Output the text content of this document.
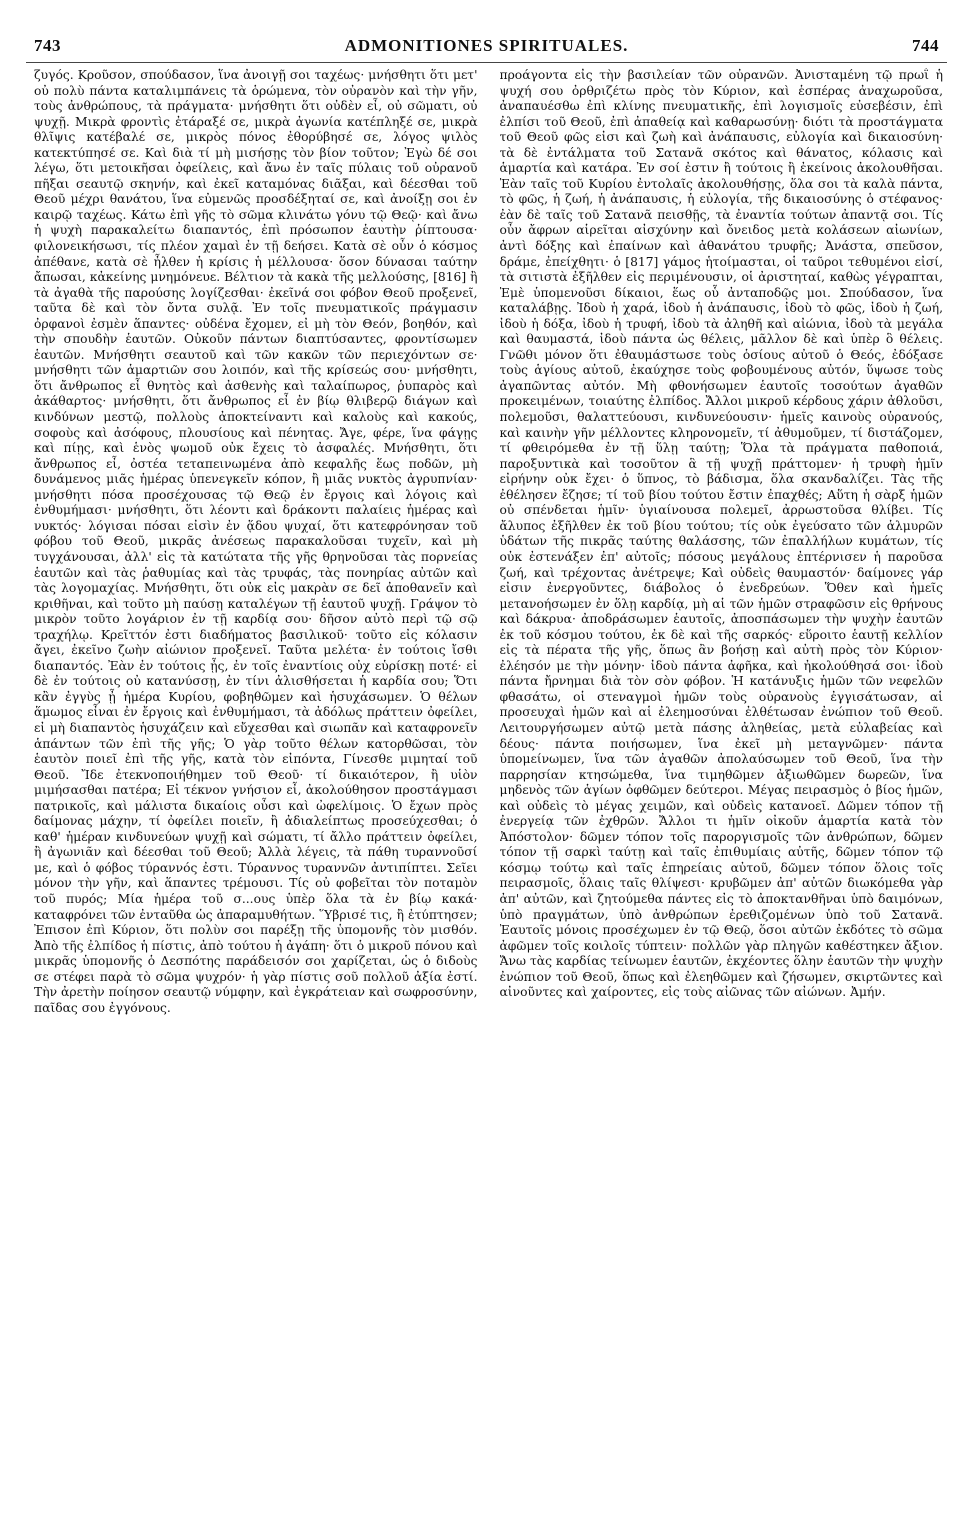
743	ADMONITIONES SPIRITUALES.	744

ζυγός. Κροῦσον, σπούδασον, ἵνα ἀνοιγῇ σοι ταχέως· μνήσθητι ὅτι μετ' οὐ πολὺ πάντα καταλιμπάνεις τὰ ὁρώμενα, τὸν οὐρανὸν καὶ τὴν γῆν, τοὺς ἀνθρώπους, τὰ πράγματα· μνήσθητι ὅτι οὐδὲν εἶ, οὐ σῶματι, οὐ ψυχῇ. Μικρὰ φροντὶς ἐτάραξέ σε, μικρὰ ἀγωνία κατέπληξέ σε, μικρὰ θλῖψις κατέβαλέ σε, μικρὸς πόνος ἐθορύβησέ σε, λόγος ψιλὸς κατεκτύπησέ σε. Καὶ διὰ τί μὴ μισήσῃς τὸν βίον τοῦτον; Ἐγὼ δέ σοι λέγω, ὅτι μετοικῆσαι ὀφείλεις, καὶ ἄνω ἐν ταῖς πύλαις τοῦ οὐρανοῦ πῆξαι σεαυτῷ σκηνήν, καὶ ἐκεῖ καταμόνας διᾶξαι, καὶ δέεσθαι τοῦ Θεοῦ μέχρι θανάτου, ἵνα εὐμενῶς προσδέξηταί σε, καὶ ἀνοίξῃ σοι ἐν καιρῷ ταχέως. Κάτω ἐπὶ γῆς τὸ σῶμα κλινάτω γόνυ τῷ Θεῷ· καὶ ἄνω ἡ ψυχὴ παρακαλείτω διαπαντός, ἐπὶ πρόσωπον ἑαυτὴν ῥίπτουσα· φιλονεικήσωσι, τίς πλέον χαμαὶ ἐν τῇ δεήσει. Κατὰ σὲ οὖν ὁ κόσμος ἀπέθανε, κατὰ σὲ ἦλθεν ἡ κρίσις ἡ μέλλουσα· ὅσον δύνασαι ταύτην ἄπωσαι, κἀκείνης μνημόνευε. Βέλτιον τὰ κακὰ τῆς μελλούσης, [816] ἢ τὰ ἀγαθὰ τῆς παρούσης λογίζεσθαι· ἐκεῖνά σοι φόβον Θεοῦ προξενεῖ, ταῦτα δὲ καὶ τὸν ὄντα συλᾷ. Ἐν τοῖς πνευματικοῖς πράγμασιν ὀρφανοὶ ἐσμὲν ἅπαντες· οὐδένα ἔχομεν, εἰ μὴ τὸν Θεόν, βοηθόν, καὶ τὴν σπουδὴν ἑαυτῶν. Οὐκοῦν πάντων διαπτύσαντες, φροντίσωμεν ἑαυτῶν. Μνήσθητι σεαυτοῦ καὶ τῶν κακῶν τῶν περιεχόντων σε· μνήσθητι τῶν ἁμαρτιῶν σου λοιπόν, καὶ τῆς κρίσεώς σου· μνήσθητι, ὅτι ἄνθρωπος εἶ θνητὸς καὶ ἀσθενὴς καὶ ταλαίπωρος, ῥυπαρὸς καὶ ἀκάθαρτος· μνήσθητι, ὅτι ἄνθρωπος εἶ ἐν βίῳ θλιβερῷ διάγων καὶ κινδύνων μεστῷ, πολλοὺς ἀποκτείναντι καὶ καλοὺς καὶ κακούς, σοφοὺς καὶ ἀσόφους, πλουσίους καὶ πένητας. Ἄγε, φέρε, ἵνα φάγῃς καὶ πίῃς, καὶ ἑνὸς ψωμοῦ οὐκ ἔχεις τὸ ἀσφαλές. Μνήσθητι, ὅτι ἄνθρωπος εἶ, ὀστέα τεταπεινωμένα ἀπὸ κεφαλῆς ἕως ποδῶν, μὴ δυνάμενος μιᾶς ἡμέρας ὑπενεγκεῖν κόπον, ἢ μιᾶς νυκτὸς ἀγρυπνίαν· μνήσθητι πόσα προσέχουσας τῷ Θεῷ ἐν ἔργοις καὶ λόγοις καὶ ἐνθυμήμασι· μνήσθητι, ὅτι λέοντι καὶ δράκοντι παλαίεις ἡμέρας καὶ νυκτός· λόγισαι πόσαι εἰσὶν ἐν ᾅδου ψυχαί, ὅτι κατεφρόνησαν τοῦ φόβου τοῦ Θεοῦ, μικρᾶς ἀνέσεως παρακαλοῦσαι τυχεῖν, καὶ μὴ τυγχάνουσαι, ἀλλ' εἰς τὰ κατώτατα τῆς γῆς θρηνοῦσαι τὰς πορνείας ἑαυτῶν καὶ τὰς ῥαθυμίας καὶ τὰς τρυφάς, τὰς πονηρίας αὐτῶν καὶ τὰς λογομαχίας. Μνήσθητι, ὅτι οὐκ εἰς μακρὰν σε δεῖ ἀποθανεῖν καὶ κριθῆναι, καὶ τοῦτο μὴ παύσῃ καταλέγων τῇ ἑαυτοῦ ψυχῇ. Γράψον τὸ μικρὸν τοῦτο λογάριον ἐν τῇ καρδίᾳ σου· δῆσον αὐτὸ περὶ τῷ σῷ τραχήλῳ. Κρεῖττόν ἐστι διαδήματος βασιλικοῦ· τοῦτο εἰς κόλασιν ἄγει, ἐκεῖνο ζωὴν αἰώνιον προξενεῖ. Ταῦτα μελέτα· ἐν τούτοις ἴσθι διαπαντός. Ἐὰν ἐν τούτοις ᾖς, ἐν τοῖς ἐναντίοις οὐχ εὑρίσκῃ ποτέ· εἰ δὲ ἐν τούτοις οὐ κατανύσσῃ, ἐν τίνι ἀλισθήσεται ἡ καρδία σου; Ὅτι κἂν ἐγγὺς ᾖ ἡμέρα Κυρίου, φοβηθῶμεν καὶ ἡσυχάσωμεν. Ὁ θέλων ἅμωμος εἶναι ἐν ἔργοις καὶ ἐνθυμήμασι, τὰ ἀδόλως πράττειν ὀφείλει, εἰ μὴ διαπαντὸς ἡσυχάζειν καὶ εὔχεσθαι καὶ σιωπᾶν καὶ καταφρονεῖν ἁπάντων τῶν ἐπὶ τῆς γῆς; Ὁ γὰρ τοῦτο θέλων κατορθῶσαι, τὸν ἑαυτὸν ποιεῖ ἐπὶ τῆς γῆς, κατὰ τὸν εἰπόντα, Γίνεσθε μιμηταί τοῦ Θεοῦ. Ἴδε ἐτεκνοποιήθημεν τοῦ Θεοῦ· τί δικαιότερον, ἢ υἱὸν μιμήσασθαι πατέρα; Εἰ τέκνον γνήσιον εἶ, ἀκολούθησον προστάγμασι πατρικοῖς, καὶ μάλιστα δικαίοις οὖσι καὶ ὠφελίμοις. Ὁ ἔχων πρὸς δαίμονας μάχην, τί ὀφείλει ποιεῖν, ἢ ἀδιαλείπτως προσεύχεσθαι; ὁ καθ' ἡμέραν κινδυνεύων ψυχῇ καὶ σώματι, τί ἄλλο πράττειν ὀφείλει, ἢ ἀγωνιᾶν καὶ δέεσθαι τοῦ Θεοῦ; Ἀλλὰ λέγεις, τὰ πάθη τυραννοῦσί με, καὶ ὁ φόβος τύραννός ἐστι. Τύραννος τυραννῶν ἀντιπίπτει. Σεῖει μόνον τὴν γῆν, καὶ ἅπαντες τρέμουσι. Τίς οὐ φοβεῖται τὸν ποταμὸν τοῦ πυρός; Μία ἡμέρα τοῦ σ...ους ὑπὲρ ὅλα τὰ ἐν βίῳ κακά· καταφρόνει τῶν ἐνταῦθα ὡς ἀπαραμυθήτων. Ὕβρισέ τις, ἢ ἐτύπτησεν; Ἐπισον ἐπὶ Κύριον, ὅτι πολὺν σοι παρέξῃ τῆς ὑπομονῆς τὸν μισθόν. Ἀπὸ τῆς ἐλπίδος ἡ πίστις, ἀπὸ τούτου ἡ ἀγάπη· ὅτι ὁ μικροῦ πόνου καὶ μικρᾶς ὑπομονῆς ὁ Δεσπότης παράδεισόν σοι χαρίζεται, ὡς ὁ διδοὺς σε στέφει παρὰ τὸ σῶμα ψυχρόν· ἡ γὰρ πίστις σοῦ πολλοῦ ἀξία ἐστί. Τὴν ἀρετὴν ποίησον σεαυτῷ νύμφην, καὶ ἐγκράτειαν καὶ σωφροσύνην, παῖδας σου ἐγγόνους.

προάγοντα εἰς τὴν βασιλείαν τῶν οὐρανῶν. Ἀνισταμένη τῷ πρωῒ ἡ ψυχή σου ὀρθριζέτω πρὸς τὸν Κύριον, καὶ ἑσπέρας ἀναχωροῦσα, ἀναπαυέσθω ἐπὶ κλίνης πνευματικῆς, ἐπὶ λογισμοῖς εὐσεβέσιν, ἐπὶ ἐλπίσι τοῦ Θεοῦ, ἐπὶ ἀπαθείᾳ καὶ καθαρωσύνῃ· διότι τὰ προστάγματα τοῦ Θεοῦ φῶς εἰσι καὶ ζωὴ καὶ ἀνάπαυσις, εὐλογία καὶ δικαιοσύνη· τὰ δὲ ἐντάλματα τοῦ Σατανᾶ σκότος καὶ θάνατος, κόλασις καὶ ἁμαρτία καὶ κατάρα. Ἐν σοί ἐστιν ἢ τούτοις ἢ ἐκείνοις ἀκολουθῆσαι. Ἐὰν ταῖς τοῦ Κυρίου ἐντολαῖς ἀκολουθήσῃς, ὅλα σοι τὰ καλὰ πάντα, τὸ φῶς, ἡ ζωή, ἡ ἀνάπαυσις, ἡ εὐλογία, τῆς δικαιοσύνης ὁ στέφανος· ἐὰν δὲ ταῖς τοῦ Σατανᾶ πεισθῇς, τὰ ἐναντία τούτων ἀπαντᾷ σοι. Τίς οὖν ἄφρων αἱρεῖται αἰσχύνην καὶ ὄνειδος μετὰ κολάσεων αἰωνίων, ἀντὶ δόξης καὶ ἐπαίνων καὶ ἀθανάτου τρυφῆς; Ἀνάστα, σπεῦσον, δράμε, ἐπείχθητι· ὁ [817] γάμος ἡτοίμασται, οἱ ταῦροι τεθυμένοι εἰσί, τὰ σιτιστὰ ἐξῆλθεν εἰς περιμένουσιν, οἱ ἀριστηταί, καθὼς γέγραπται, Ἐμὲ ὑπομενοῦσι δίκαιοι, ἕως οὗ ἀνταποδῷς μοι. Σπούδασον, ἵνα καταλάβῃς. Ἰδοὺ ἡ χαρά, ἰδοὺ ἡ ἀνάπαυσις, ἰδοὺ τὸ φῶς, ἰδοὺ ἡ ζωή, ἰδοὺ ἡ δόξα, ἰδοὺ ἡ τρυφή, ἰδοὺ τὰ ἀληθῆ καὶ αἰώνια, ἰδοὺ τὰ μεγάλα καὶ θαυμαστά, ἰδοὺ πάντα ὡς θέλεις, μᾶλλον δὲ καὶ ὑπὲρ ὃ θέλεις. Γνῶθι μόνον ὅτι ἐθαυμάστωσε τοὺς ὁσίους αὐτοῦ ὁ Θεός, ἐδόξασε τοὺς ἁγίους αὐτοῦ, ἐκαύχησε τοὺς φοβουμένους αὐτόν, ὕψωσε τοὺς ἀγαπῶντας αὐτόν. Μὴ φθονήσωμεν ἑαυτοῖς τοσούτων ἀγαθῶν προκειμένων, τοιαύτης ἐλπίδος. Ἄλλοι μικροῦ κέρδους χάριν ἀθλοῦσι, πολεμοῦσι, θαλαττεύουσι, κινδυνεύουσιν· ἡμεῖς καινοὺς οὐρανούς, καὶ καινὴν γῆν μέλλοντες κληρονομεῖν, τί ἀθυμοῦμεν, τί διστάζομεν, τί φθειρόμεθα ἐν τῇ ὕλῃ ταύτῃ; Ὅλα τὰ πράγματα παθοποιά, παροξυντικὰ καὶ τοσοῦτον ἃ τῇ ψυχῇ πράττομεν· ἡ τρυφὴ ἡμῖν εἰρήνην οὐκ ἔχει· ὁ ὕπνος, τὸ βάδισμα, ὅλα σκανδαλίζει. Τὰς τῆς ἐθέλησεν ἔζησε; τί τοῦ βίου τούτου ἔστιν ἐπαχθές; Αὕτη ἡ σὰρξ ἡμῶν οὐ σπένδεται ἡμῖν· ὑγιαίνουσα πολεμεῖ, ἀρρωστοῦσα θλίβει. Τίς ἄλυπος ἐξῆλθεν ἐκ τοῦ βίου τούτου; τίς οὐκ ἐγεύσατο τῶν ἁλμυρῶν ὑδάτων τῆς πικρᾶς ταύτης θαλάσσης, τῶν ἐπαλλήλων κυμάτων, τίς οὐκ ἐστενάξεν ἐπ' αὐτοῖς; πόσους μεγάλους ἐπτέρνισεν ἡ παροῦσα ζωή, καὶ τρέχοντας ἀνέτρεψε; Καὶ οὐδεὶς θαυμαστόν· δαίμονες γάρ εἰσιν ἐνεργοῦντες, διάβολος ὁ ἐνεδρεύων. Ὅθεν καὶ ἡμεῖς μετανοήσωμεν ἐν ὅλῃ καρδίᾳ, μὴ αἱ τῶν ἡμῶν στραφῶσιν εἰς θρήνους καὶ δάκρυα· ἀποδράσωμεν ἑαυτοῖς, ἀποσπάσωμεν τὴν ψυχὴν ἑαυτῶν ἐκ τοῦ κόσμου τούτου, ἐκ δὲ καὶ τῆς σαρκός· εὕροιτο ἑαυτῇ κελλίον εἰς τὰ πέρατα τῆς γῆς, ὅπως ἂν βοήσῃ καὶ αὐτὴ πρὸς τὸν Κύριον· ἐλέησόν με τὴν μόνην· ἰδοὺ πάντα ἀφῆκα, καὶ ἠκολούθησά σοι· ἰδοὺ πάντα ἤρνημαι διὰ τὸν σὸν φόβον. Ἡ κατάνυξις ἡμῶν τῶν νεφελῶν φθασάτω, οἱ στεναγμοὶ ἡμῶν τοὺς οὐρανοὺς ἐγγισάτωσαν, αἱ προσευχαὶ ἡμῶν καὶ αἱ ἐλεημοσύναι ἐλθέτωσαν ἐνώπιον τοῦ Θεοῦ. Λειτουργήσωμεν αὐτῷ μετὰ πάσης ἀληθείας, μετὰ εὐλαβείας καὶ δέους· πάντα ποιήσωμεν, ἵνα ἐκεῖ μὴ μεταγνῶμεν· πάντα ὑπομείνωμεν, ἵνα τῶν ἀγαθῶν ἀπολαύσωμεν τοῦ Θεοῦ, ἵνα τὴν παρρησίαν κτησώμεθα, ἵνα τιμηθῶμεν ἀξιωθῶμεν δωρεῶν, ἵνα μηδενὸς τῶν ἁγίων ὀφθῶμεν δεύτεροι. Μέγας πειρασμὸς ὁ βίος ἡμῶν, καὶ οὐδεὶς τὸ μέγας χειμῶν, καὶ οὐδεὶς κατανοεῖ. Δῶμεν τόπον τῇ ἐνεργείᾳ τῶν ἐχθρῶν. Ἄλλοι τι ἡμῖν οἰκοῦν ἁμαρτία κατὰ τὸν Ἀπόστολον· δῶμεν τόπον τοῖς παροργισμοῖς τῶν ἀνθρώπων, δῶμεν τόπον τῇ σαρκὶ ταύτῃ καὶ ταῖς ἐπιθυμίαις αὐτῆς, δῶμεν τόπον τῷ κόσμῳ τούτῳ καὶ ταῖς ἐπηρείαις αὐτοῦ, δῶμεν τόπον ὅλοις τοῖς πειρασμοῖς, ὅλαις ταῖς θλίψεσι· κρυβῶμεν ἀπ' αὐτῶν διωκόμεθα γὰρ ἀπ' αὐτῶν, καὶ ζητούμεθα πάντες εἰς τὸ ἀποκτανθῆναι ὑπὸ δαιμόνων, ὑπὸ πραγμάτων, ὑπὸ ἀνθρώπων ἐρεθιζομένων ὑπὸ τοῦ Σατανᾶ. Ἑαυτοῖς μόνοις προσέχωμεν ἐν τῷ Θεῷ, ὅσοι αὐτῶν ἐκδότες τὸ σῶμα ἀφῶμεν τοῖς κοιλοῖς τύπτειν· πολλῶν γὰρ πληγῶν καθέστηκεν ἄξιον. Ἄνω τὰς καρδίας τείνωμεν ἑαυτῶν, ἐκχέοντες ὅλην ἑαυτῶν τὴν ψυχὴν ἐνώπιον τοῦ Θεοῦ, ὅπως καὶ ἐλεηθῶμεν καὶ ζήσωμεν, σκιρτῶντες καὶ αἰνοῦντες καὶ χαίροντες, εἰς τοὺς αἰῶνας τῶν αἰώνων. Ἀμήν.
